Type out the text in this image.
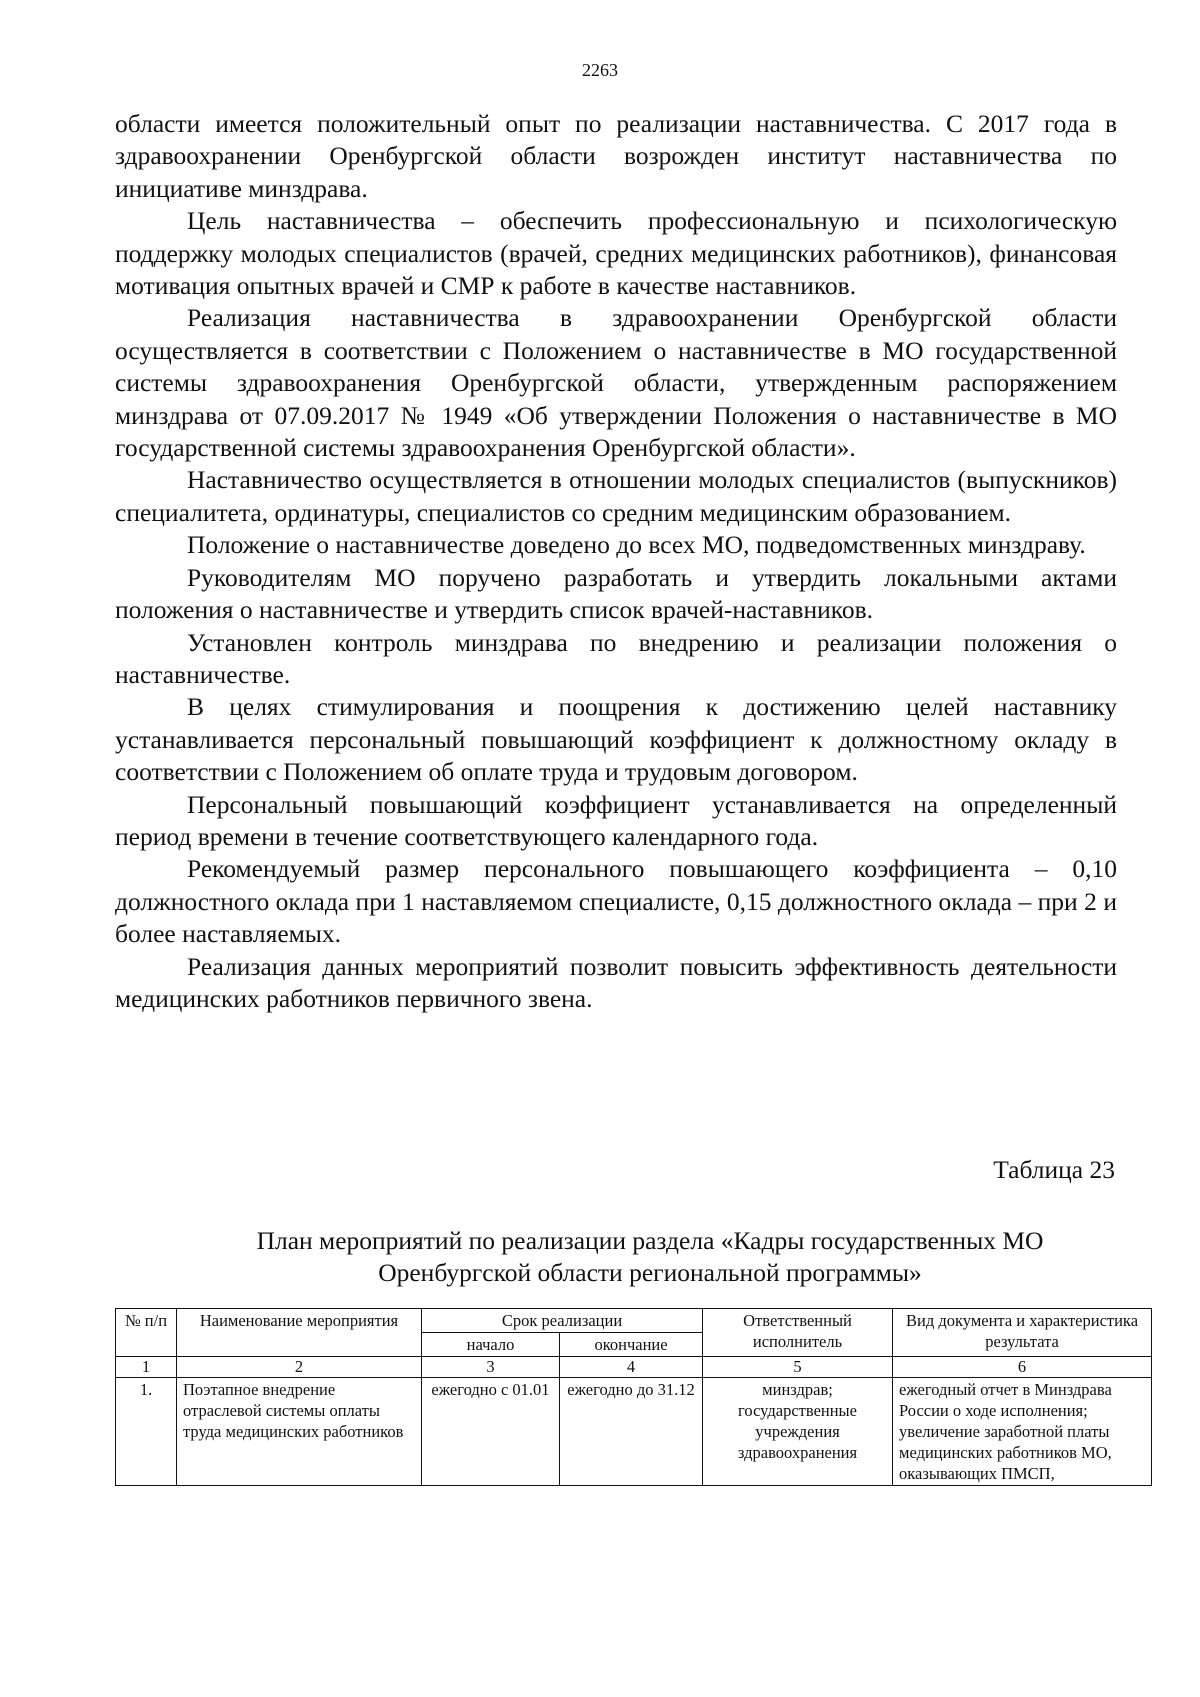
2263

области имеется положительный опыт по реализации наставничества. С 2017 года в здравоохранении Оренбургской области возрожден институт наставничества по инициативе минздрава.

Цель наставничества – обеспечить профессиональную и психологическую поддержку молодых специалистов (врачей, средних медицинских работников), финансовая мотивация опытных врачей и СМР к работе в качестве наставников.

Реализация наставничества в здравоохранении Оренбургской области осуществляется в соответствии с Положением о наставничестве в МО государственной системы здравоохранения Оренбургской области, утвержденным распоряжением минздрава от 07.09.2017 № 1949 «Об утверждении Положения о наставничестве в МО государственной системы здравоохранения Оренбургской области».

Наставничество осуществляется в отношении молодых специалистов (выпускников) специалитета, ординатуры, специалистов со средним медицинским образованием.

Положение о наставничестве доведено до всех МО, подведомственных минздраву.

Руководителям МО поручено разработать и утвердить локальными актами положения о наставничестве и утвердить список врачей-наставников.

Установлен контроль минздрава по внедрению и реализации положения о наставничестве.

В целях стимулирования и поощрения к достижению целей наставнику устанавливается персональный повышающий коэффициент к должностному окладу в соответствии с Положением об оплате труда и трудовым договором.

Персональный повышающий коэффициент устанавливается на определенный период времени в течение соответствующего календарного года.

Рекомендуемый размер персонального повышающего коэффициента – 0,10 должностного оклада при 1 наставляемом специалисте, 0,15 должностного оклада – при 2 и более наставляемых.

Реализация данных мероприятий позволит повысить эффективность деятельности медицинских работников первичного звена.

Таблица 23
План мероприятий по реализации раздела «Кадры государственных МО
Оренбургской области региональной программы»
№ п/п	Наименование мероприятия	Срок реализации		Ответственный исполнитель	Вид документа и характеристика результата
		начало	окончание		
1	2	3	4	5	6
1.	Поэтапное внедрение отраслевой системы оплаты труда медицинских работников	ежегодно с 01.01	ежегодно до 31.12	минздрав; государственные учреждения здравоохранения	ежегодный отчет в Минздрава России о ходе исполнения; увеличение заработной платы медицинских работников МО, оказывающих ПМСП,
